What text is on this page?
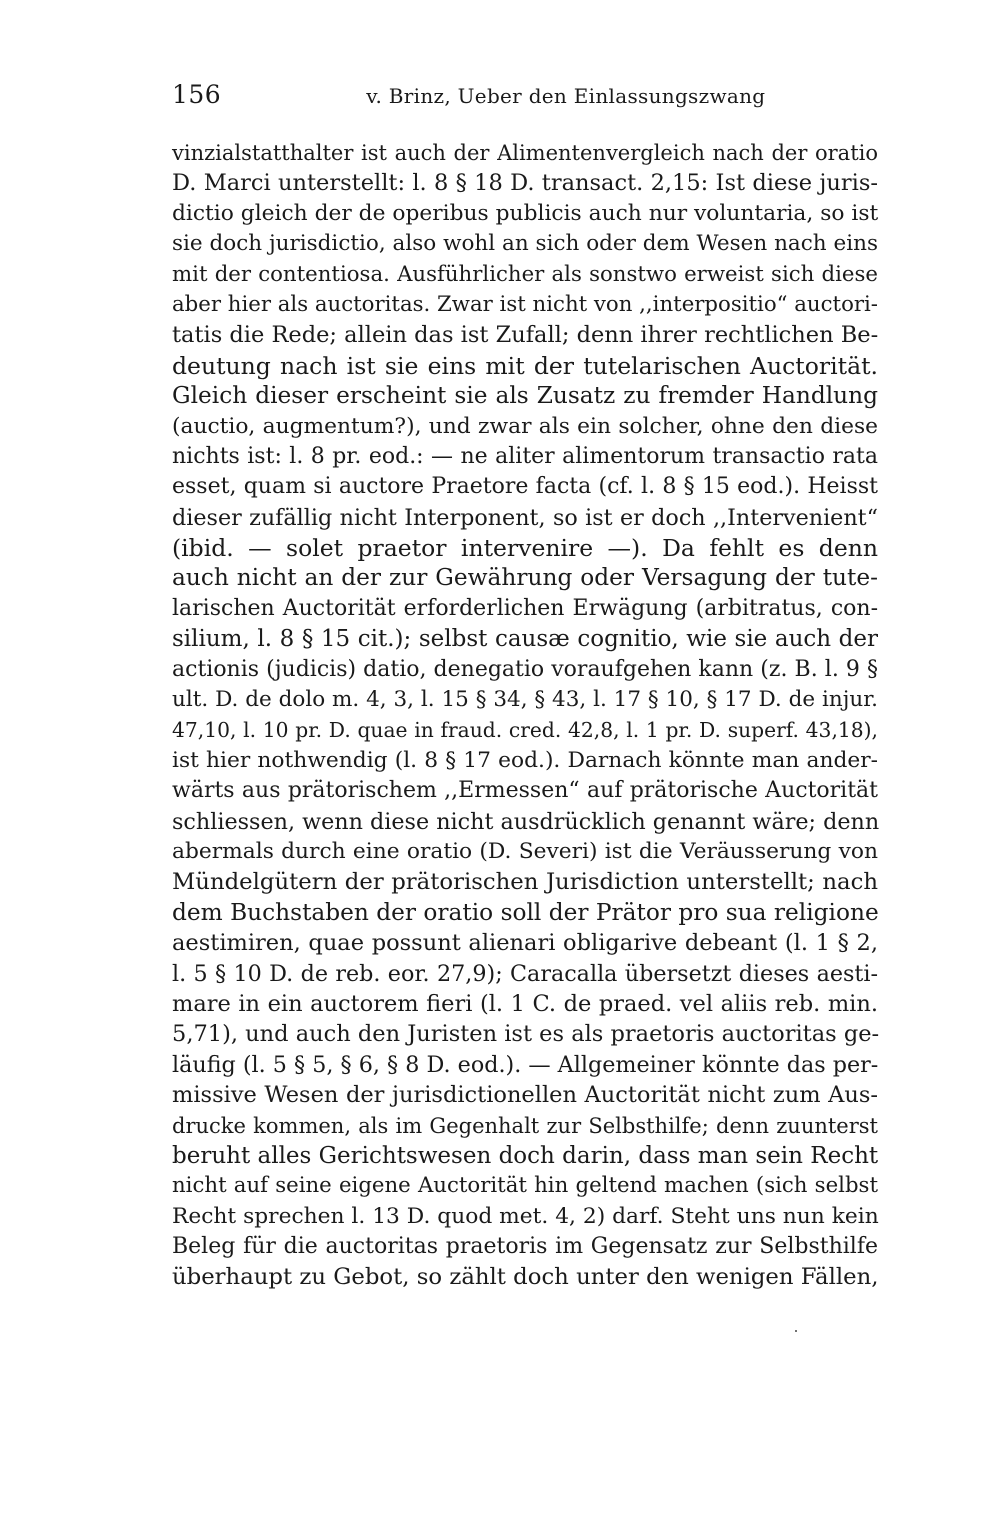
156	v. Brinz, Ueber den Einlassungszwang
vinzialstatthalter ist auch der Alimentenvergleich nach der oratio
D. Marci unterstellt: l. 8 § 18 D. transact. 2,15: Ist diese juris-
dictio gleich der de operibus publicis auch nur voluntaria, so ist
sie doch jurisdictio, also wohl an sich oder dem Wesen nach eins
mit der contentiosa. Ausführlicher als sonstwo erweist sich diese
aber hier als auctoritas. Zwar ist nicht von ,,interpositio“ auctori-
tatis die Rede; allein das ist Zufall; denn ihrer rechtlichen Be-
deutung nach ist sie eins mit der tutelarischen Auctorität.
Gleich dieser erscheint sie als Zusatz zu fremder Handlung
(auctio, augmentum?), und zwar als ein solcher, ohne den diese
nichts ist: l. 8 pr. eod.: — ne aliter alimentorum transactio rata
esset, quam si auctore Praetore facta (cf. l. 8 § 15 eod.). Heisst
dieser zufällig nicht Interponent, so ist er doch ,,Intervenient“
(ibid. — solet praetor intervenire —). Da fehlt es denn
auch nicht an der zur Gewährung oder Versagung der tute-
larischen Auctorität erforderlichen Erwägung (arbitratus, con-
silium, l. 8 § 15 cit.); selbst causæ cognitio, wie sie auch der
actionis (judicis) datio, denegatio voraufgehen kann (z. B. l. 9 §
ult. D. de dolo m. 4, 3, l. 15 § 34, § 43, l. 17 § 10, § 17 D. de injur.
47,10, l. 10 pr. D. quae in fraud. cred. 42,8, l. 1 pr. D. superf. 43,18),
ist hier nothwendig (l. 8 § 17 eod.). Darnach könnte man ander-
wärts aus prätorischem ,,Ermessen“ auf prätorische Auctorität
schliessen, wenn diese nicht ausdrücklich genannt wäre; denn
abermals durch eine oratio (D. Severi) ist die Veräusserung von
Mündelgütern der prätorischen Jurisdiction unterstellt; nach
dem Buchstaben der oratio soll der Prätor pro sua religione
aestimiren, quae possunt alienari obligarive debeant (l. 1 § 2,
l. 5 § 10 D. de reb. eor. 27,9); Caracalla übersetzt dieses aesti-
mare in ein auctorem fieri (l. 1 C. de praed. vel aliis reb. min.
5,71), und auch den Juristen ist es als praetoris auctoritas ge-
läufig (l. 5 § 5, § 6, § 8 D. eod.). — Allgemeiner könnte das per-
missive Wesen der jurisdictionellen Auctorität nicht zum Aus-
drucke kommen, als im Gegenhalt zur Selbsthilfe; denn zuunterst
beruht alles Gerichtswesen doch darin, dass man sein Recht
nicht auf seine eigene Auctorität hin geltend machen (sich selbst
Recht sprechen l. 13 D. quod met. 4, 2) darf. Steht uns nun kein
Beleg für die auctoritas praetoris im Gegensatz zur Selbsthilfe
überhaupt zu Gebot, so zählt doch unter den wenigen Fällen,
